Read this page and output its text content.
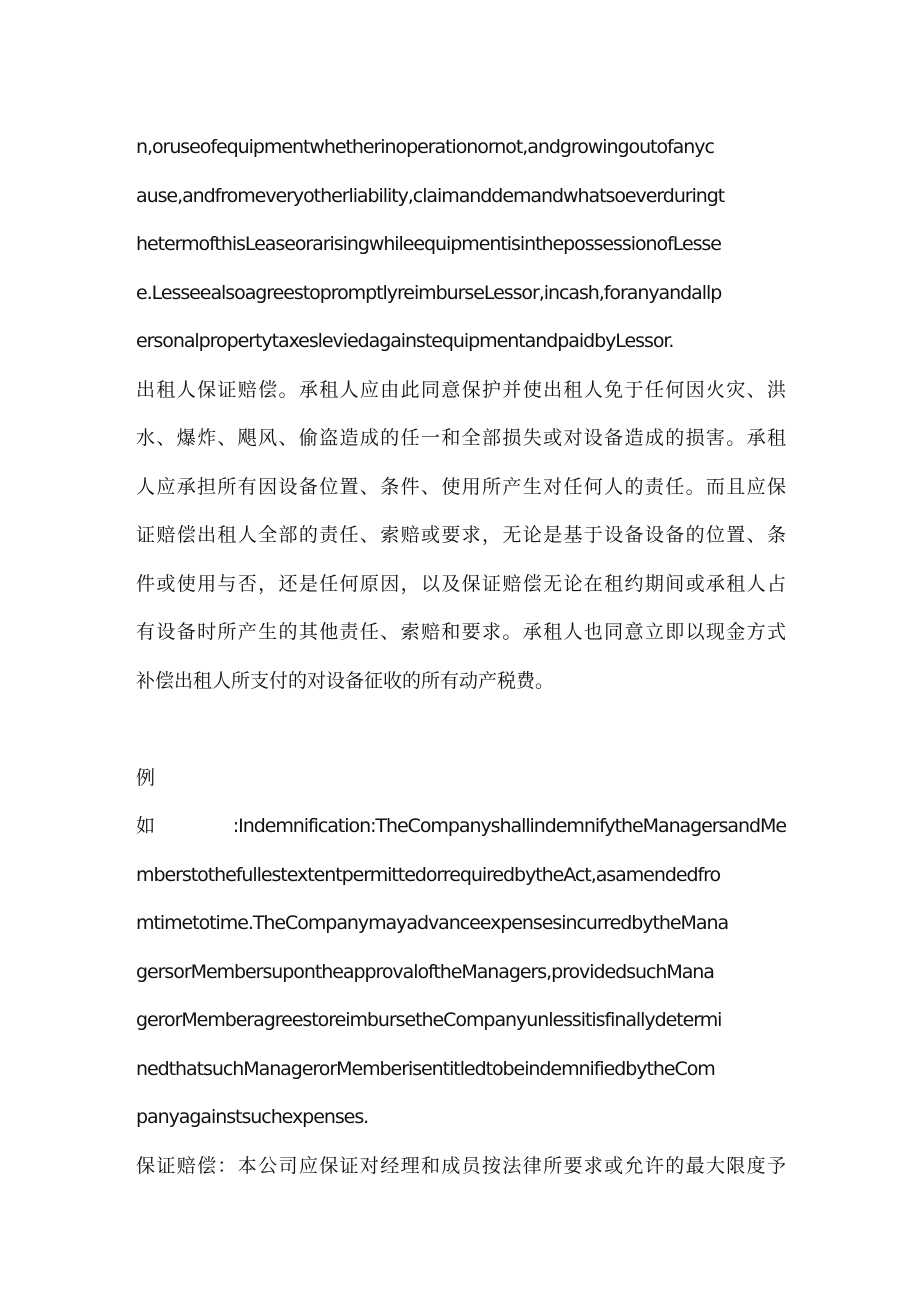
n,oruseofequipmentwhetherinoperationornot,andgrowingoutofanyc
ause,andfromeveryotherliability,claimanddemandwhatsoeverduringt
hetermofthisLeaseorarisingwhileequipmentisinthepossessionofLesse
e.LesseealsoagreestopromptlyreimburseLessor,incash,foranyandallp
ersonalpropertytaxesleviedagainstequipmentandpaidbyLessor.
出租人保证赔偿。承租人应由此同意保护并使出租人免于任何因火灾、洪
水、爆炸、飓风、偷盗造成的任一和全部损失或对设备造成的损害。承租
人应承担所有因设备位置、条件、使用所产生对任何人的责任。而且应保
证赔偿出租人全部的责任、索赔或要求，无论是基于设备设备的位置、条
件或使用与否，还是任何原因，以及保证赔偿无论在租约期间或承租人占
有设备时所产生的其他责任、索赔和要求。承租人也同意立即以现金方式
补偿出租人所支付的对设备征收的所有动产税费。
例
如 :Indemnification:TheCompanyshallindemnifytheManagersandMe
mberstothefullestextentpermittedorrequiredbytheAct,asamendedfro
mtimetotime.TheCompanymayadvanceexpensesincurredbytheMana
gersorMembersupontheapprovaloftheManagers,providedsuchMana
gerorMemberagreestoreimbursetheCompanyunlessitisfinallydetermi
nedthatsuchManagerorMemberisentitledtobeindemnifiedbytheCom
panyagainstsuchexpenses.
保证赔偿：本公司应保证对经理和成员按法律所要求或允许的最大限度予
